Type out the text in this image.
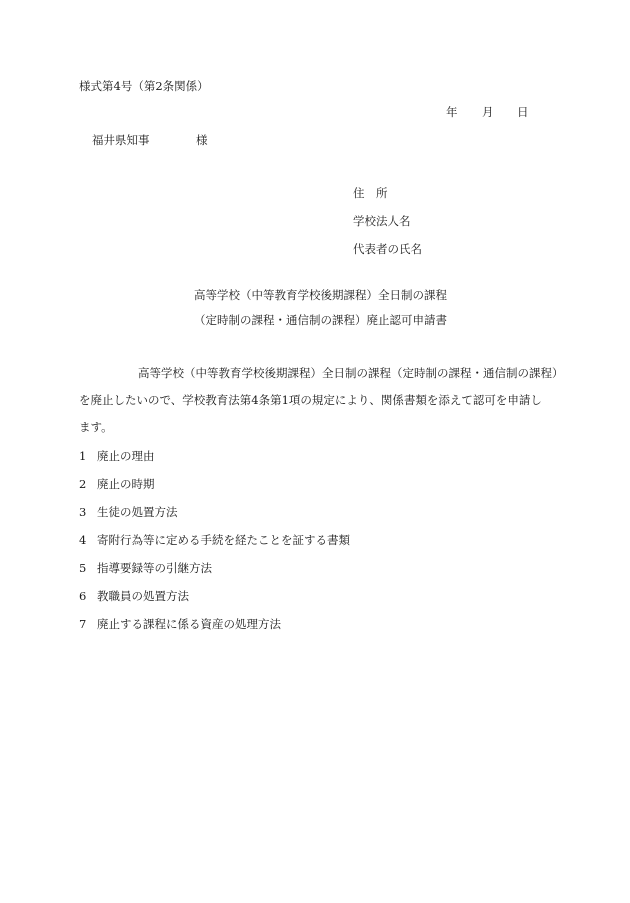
様式第4号（第2条関係）
年 月 日
福井県知事	様
住　所
学校法人名
代表者の氏名
高等学校（中等教育学校後期課程）全日制の課程
（定時制の課程・通信制の課程）廃止認可申請書
高等学校（中等教育学校後期課程）全日制の課程（定時制の課程・通信制の課程）
を廃止したいので、学校教育法第4条第1項の規定により、関係書類を添えて認可を申請し
ます。
1 廃止の理由
2 廃止の時期
3 生徒の処置方法
4 寄附行為等に定める手続を経たことを証する書類
5 指導要録等の引継方法
6 教職員の処置方法
7 廃止する課程に係る資産の処理方法
